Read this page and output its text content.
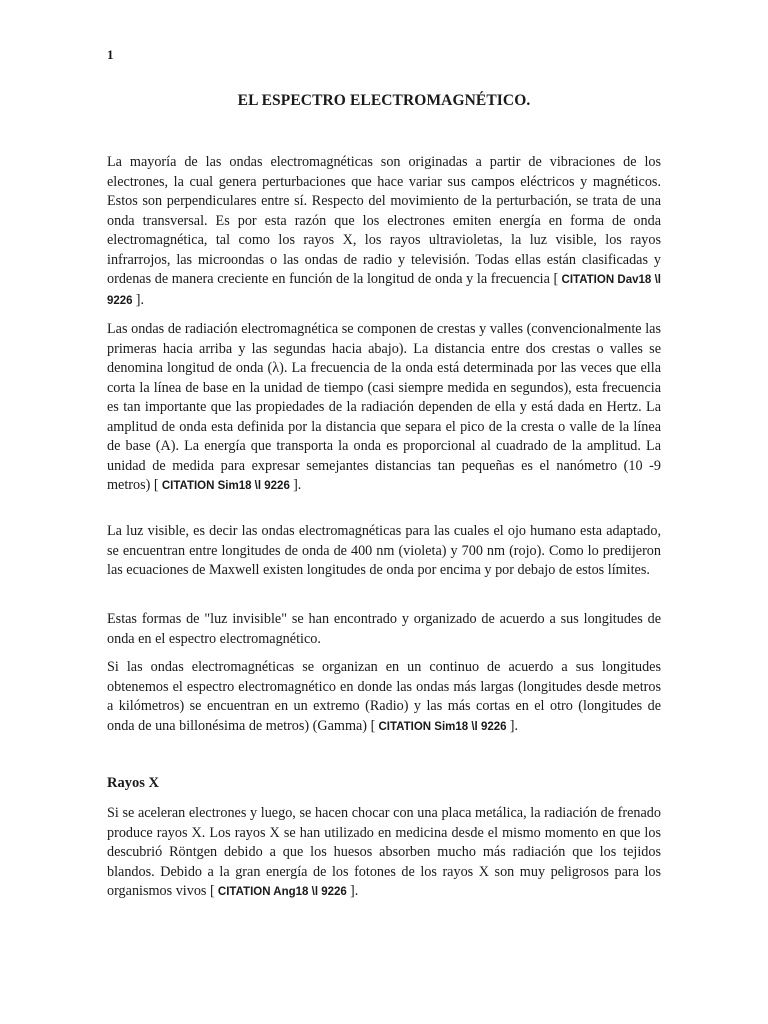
1
EL ESPECTRO ELECTROMAGNÉTICO.

La mayoría de las ondas electromagnéticas son originadas a partir de vibraciones de los electrones, la cual genera perturbaciones que hace variar sus campos eléctricos y magnéticos. Estos son perpendiculares entre sí. Respecto del movimiento de la perturbación, se trata de una onda transversal. Es por esta razón que los electrones emiten energía en forma de onda electromagnética, tal como los rayos X, los rayos ultravioletas, la luz visible, los rayos infrarrojos, las microondas o las ondas de radio y televisión. Todas ellas están clasificadas y ordenas de manera creciente en función de la longitud de onda y la frecuencia [ CITATION Dav18 \l 9226 ].

Las ondas de radiación electromagnética se componen de crestas y valles (convencionalmente las primeras hacia arriba y las segundas hacia abajo). La distancia entre dos crestas o valles se denomina longitud de onda (λ). La frecuencia de la onda está determinada por las veces que ella corta la línea de base en la unidad de tiempo (casi siempre medida en segundos), esta frecuencia es tan importante que las propiedades de la radiación dependen de ella y está dada en Hertz. La amplitud de onda esta definida por la distancia que separa el pico de la cresta o valle de la línea de base (A). La energía que transporta la onda es proporcional al cuadrado de la amplitud. La unidad de medida para expresar semejantes distancias tan pequeñas es el nanómetro (10 -9 metros) [ CITATION Sim18 \l 9226 ].

La luz visible, es decir las ondas electromagnéticas para las cuales el ojo humano esta adaptado, se encuentran entre longitudes de onda de 400 nm (violeta) y 700 nm (rojo). Como lo predijeron las ecuaciones de Maxwell existen longitudes de onda por encima y por debajo de estos límites.

Estas formas de "luz invisible" se han encontrado y organizado de acuerdo a sus longitudes de onda en el espectro electromagnético.

Si las ondas electromagnéticas se organizan en un continuo de acuerdo a sus longitudes obtenemos el espectro electromagnético en donde las ondas más largas (longitudes desde metros a kilómetros) se encuentran en un extremo (Radio) y las más cortas en el otro (longitudes de onda de una billonésima de metros) (Gamma) [ CITATION Sim18 \l 9226 ].

Rayos X

Si se aceleran electrones y luego, se hacen chocar con una placa metálica, la radiación de frenado produce rayos X. Los rayos X se han utilizado en medicina desde el mismo momento en que los descubrió Röntgen debido a que los huesos absorben mucho más radiación que los tejidos blandos. Debido a la gran energía de los fotones de los rayos X son muy peligrosos para los organismos vivos [ CITATION Ang18 \l 9226 ].
